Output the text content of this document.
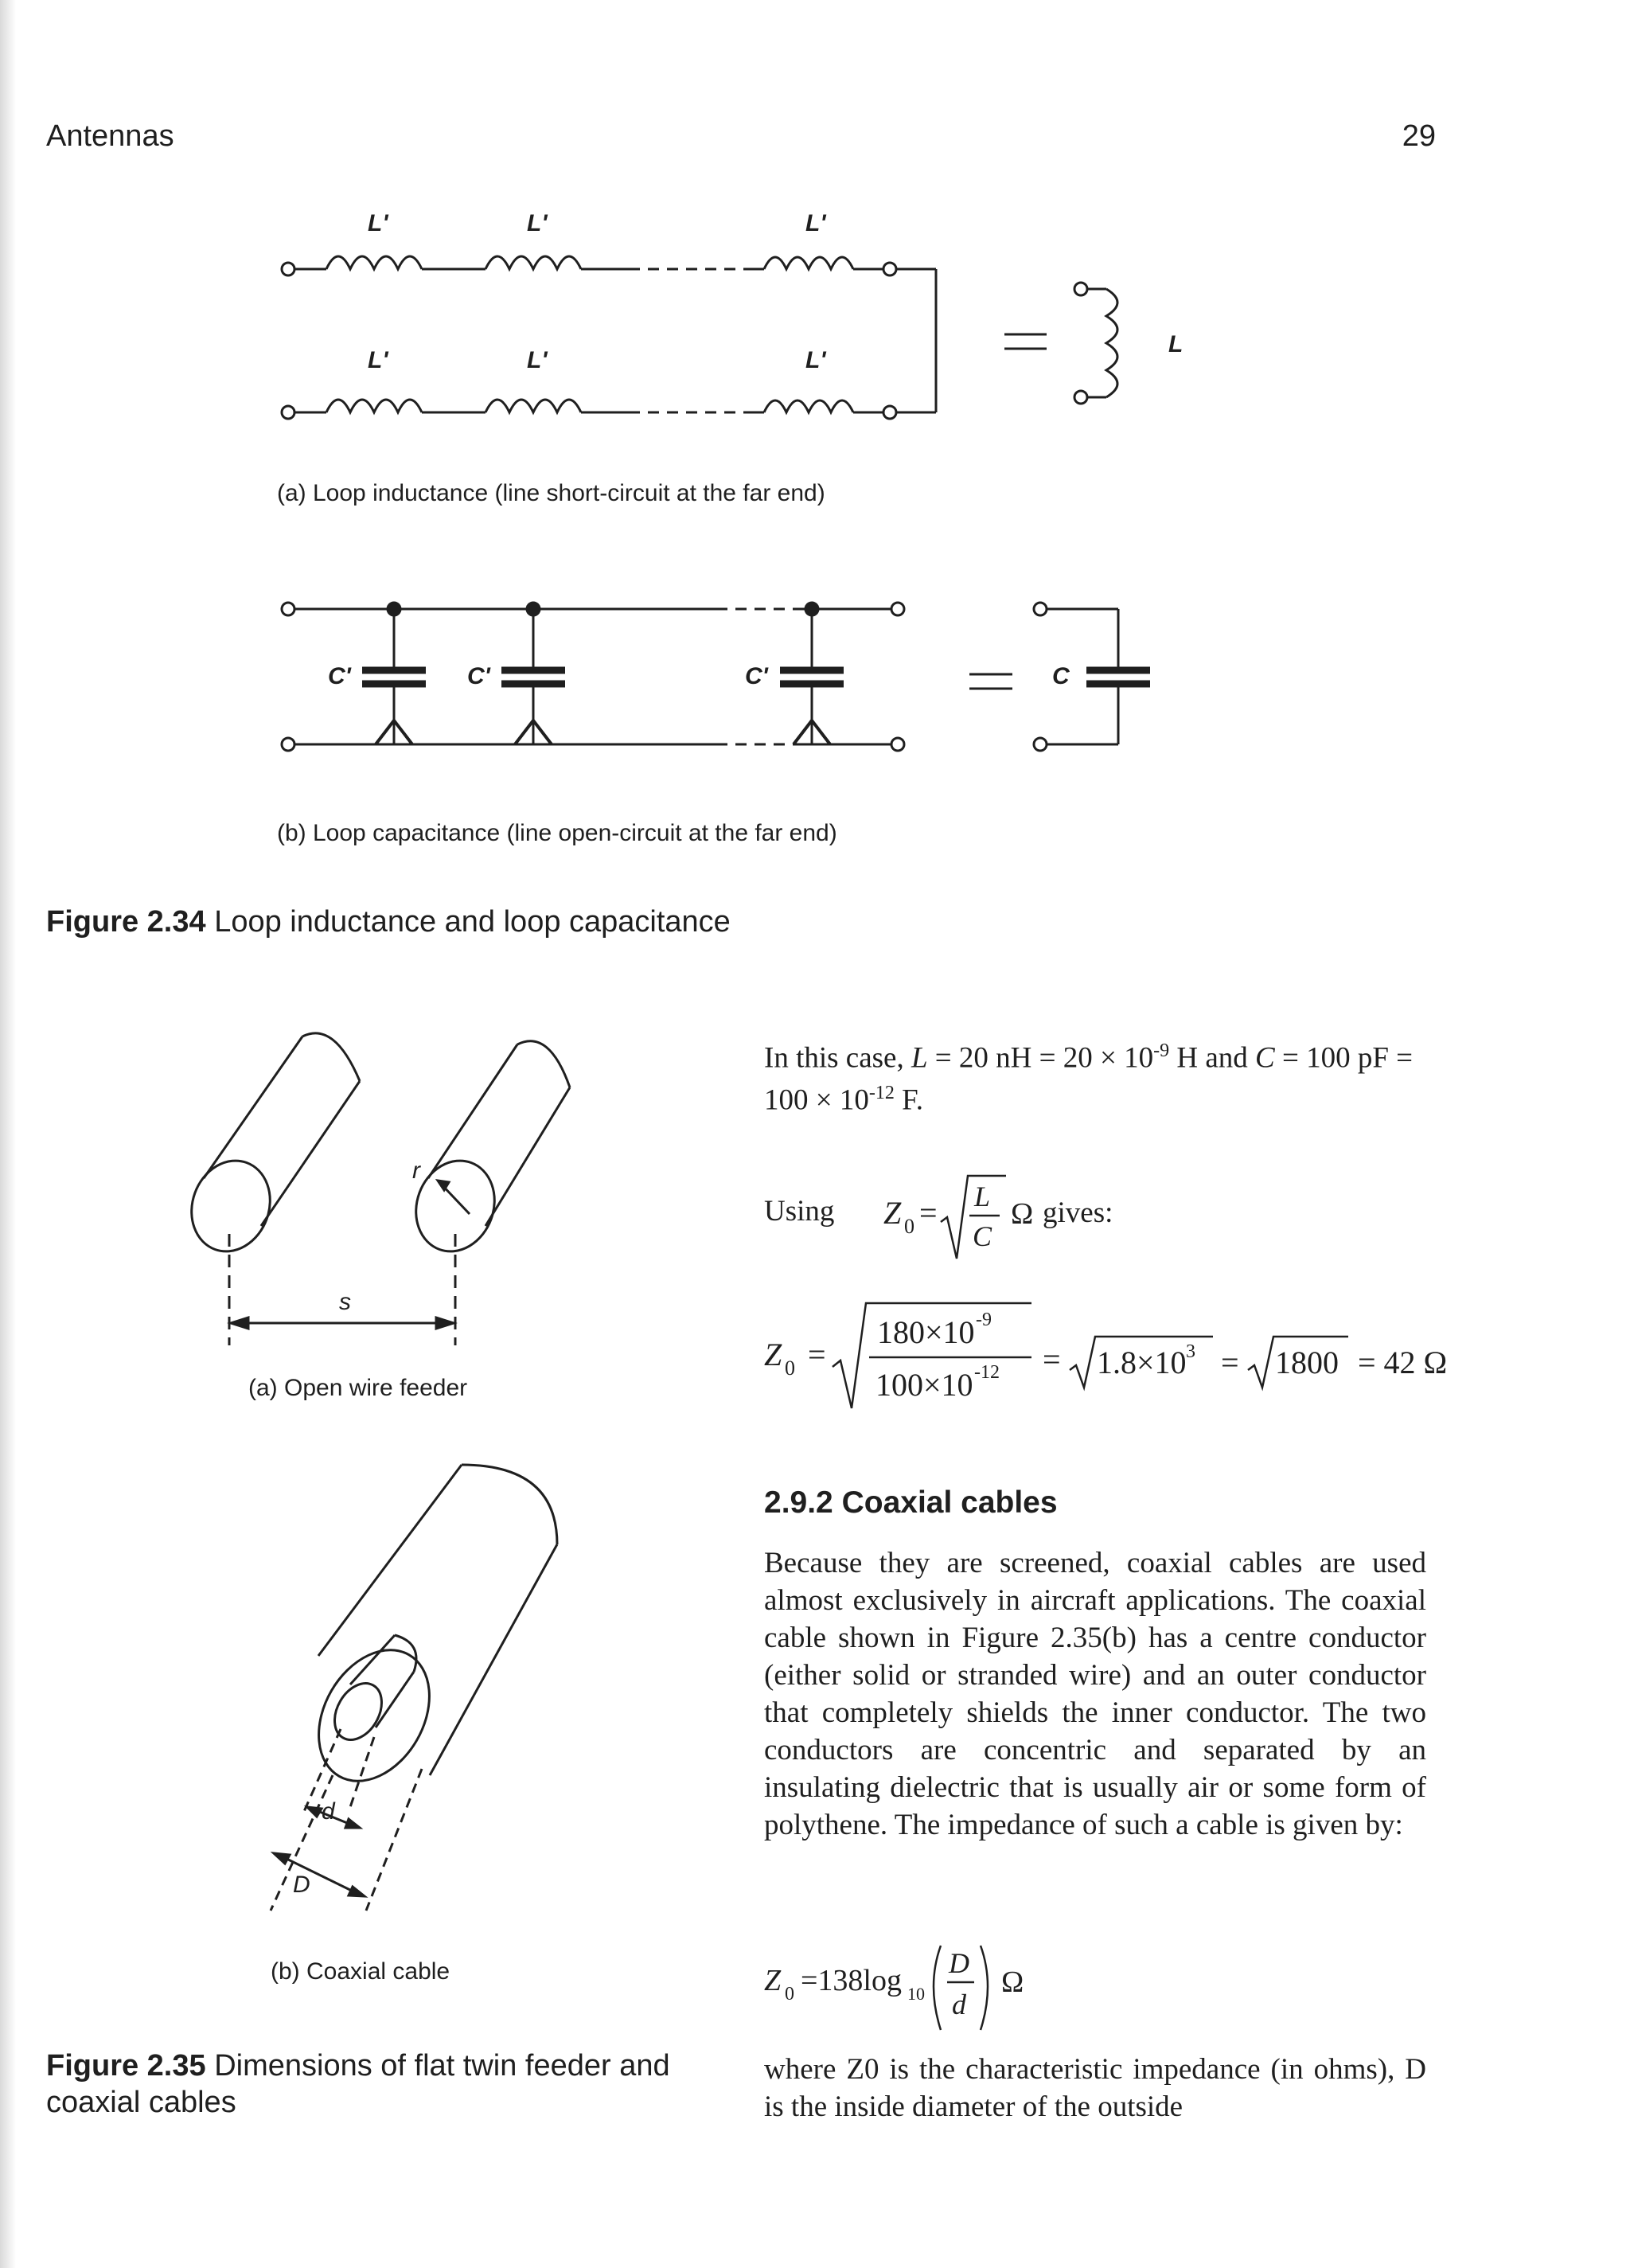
Antennas	29
L'	L'	L'
L'	L'	L'
L
(a) Loop inductance (line short-circuit at the far end)
C'	C'	C'	C
(b) Loop capacitance (line open-circuit at the far end)
Figure 2.34 Loop inductance and loop capacitance
r
s
(a) Open wire feeder
d
D
(b) Coaxial cable
Figure 2.35 Dimensions of flat twin feeder and coaxial cables
In this case, L = 20 nH = $20 \times 10^{-9}$ H and C = 100 pF = $100 \times 10^{-12}$ F.
Using Z 0 = L
C
Ω gives:
Z 0 =
180×10 -9
100×10 -12 = 1.8×10 3 = 1800 = 42 Ω
2.9.2 Coaxial cables
Because they are screened, coaxial cables are used almost exclusively in aircraft applications. The coaxial cable shown in Figure 2.35(b) has a centre conductor (either solid or stranded wire) and an outer conductor that completely shields the inner conductor. The two conductors are concentric and separated by an insulating dielectric that is usually air or some form of polythene. The impedance of such a cable is given by:
Z 0 =138log 10
D
d
Ω
where Z0 is the characteristic impedance (in ohms), D is the inside diameter of the outside
